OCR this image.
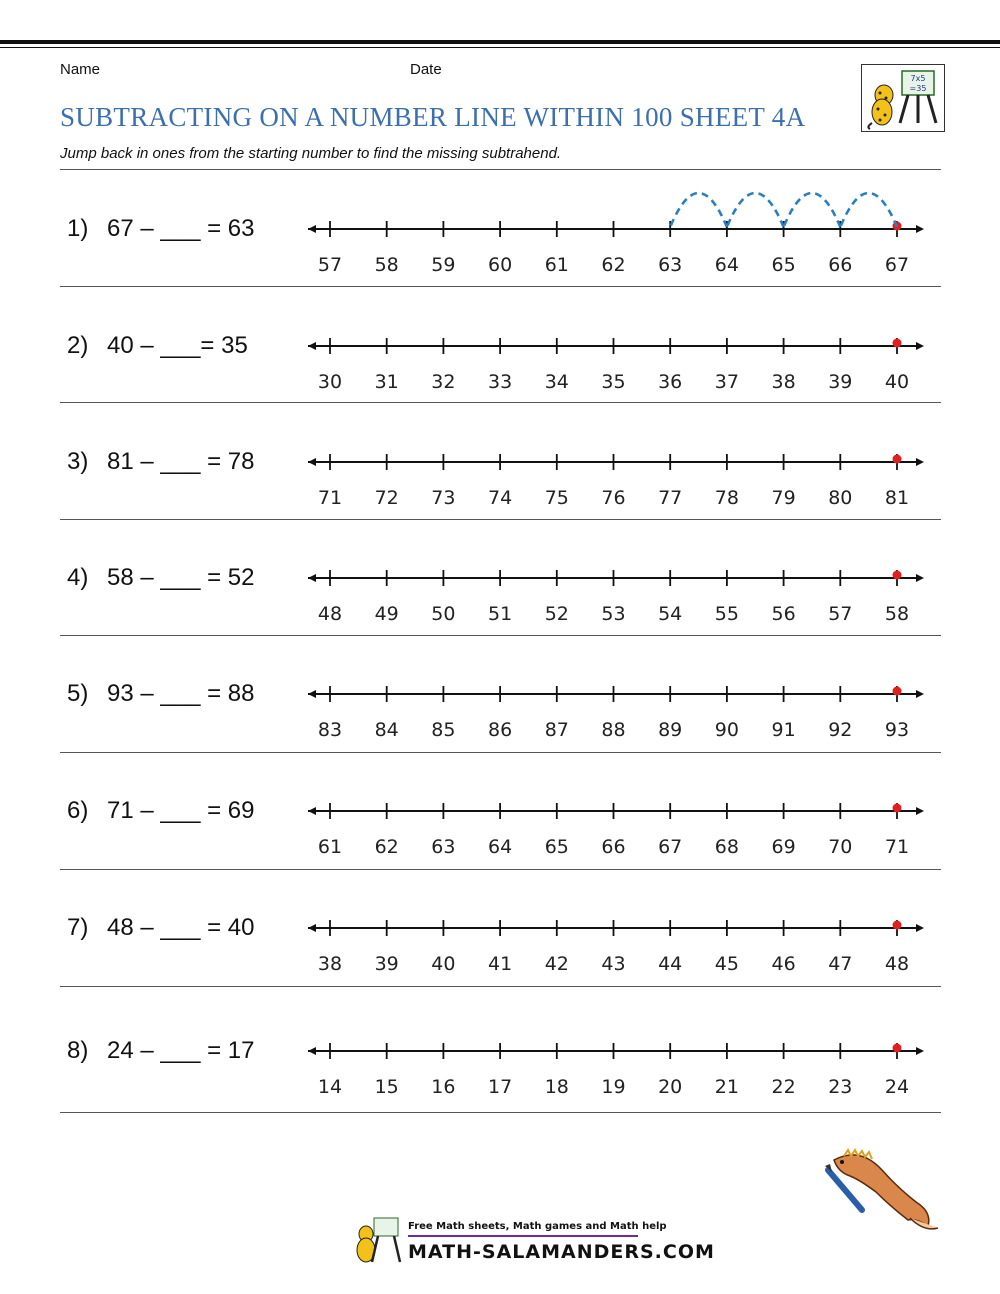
Name	Date
7x5
=35
SUBTRACTING ON A NUMBER LINE WITHIN 100 SHEET 4A
Jump back in ones from the starting number to find the missing subtrahend.
1) 67 – ___ = 63
57 58 59 60 61 62 63 64 65 66 67
2) 40 – ___= 35
30 31 32 33 34 35 36 37 38 39 40
3) 81 – ___ = 78
71 72 73 74 75 76 77 78 79 80 81
4) 58 – ___ = 52
48 49 50 51 52 53 54 55 56 57 58
5) 93 – ___ = 88
83 84 85 86 87 88 89 90 91 92 93
6) 71 – ___ = 69
61 62 63 64 65 66 67 68 69 70 71
7) 48 – ___ = 40
38 39 40 41 42 43 44 45 46 47 48
8) 24 – ___ = 17
14 15 16 17 18 19 20 21 22 23 24
Free Math sheets, Math games and Math help
MATH-SALAMANDERS.COM
